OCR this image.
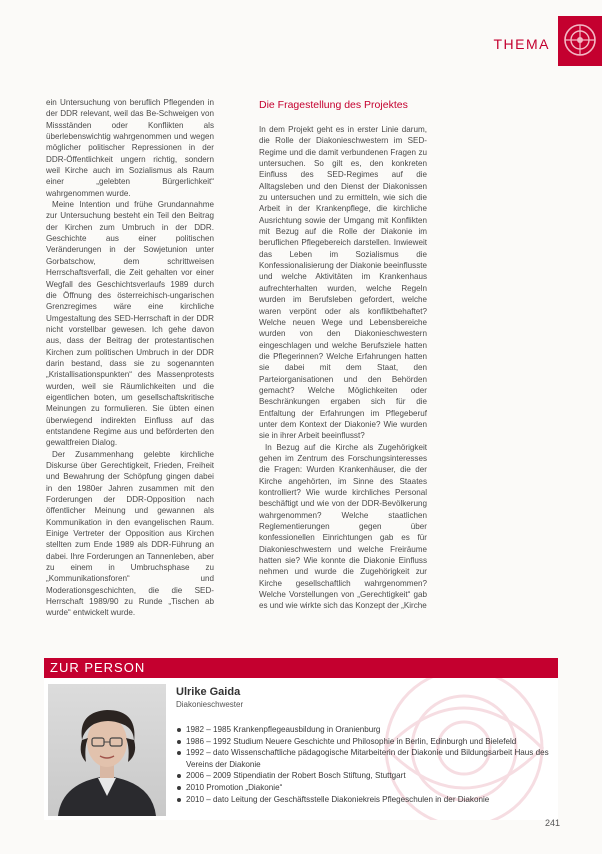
THEMA

ein Untersuchung von beruflich Pflegenden in der DDR relevant, weil das Be-Schweigen von Missständen oder Konflikten als überlebenswichtig wahrgenommen und wegen möglicher politischer Repressionen in der DDR-Öffentlichkeit ungern richtig, sondern weil Kirche auch im Sozialismus als Raum einer „gelebten Bürgerlichkeit“ wahrgenommen wurde.

Meine Intention und frühe Grundannahme zur Untersuchung besteht ein Teil den Beitrag der Kirchen zum Umbruch in der DDR. Geschichte aus einer politischen Veränderungen in der Sowjetunion unter Gorbatschow, dem schrittweisen Herrschaftsverfall, die Zeit gehalten vor einer Wegfall des Geschichtsverlaufs 1989 durch die Öffnung des österreichisch-ungarischen Grenzregimes wäre eine kirchliche Umgestaltung des SED-Herrschaft in der DDR nicht vorstellbar gewesen. Ich gehe davon aus, dass der Beitrag der protestantischen Kirchen zum politischen Umbruch in der DDR darin bestand, dass sie zu sogenannten „Kristallisationspunkten“ des Massenprotests wurden, weil sie Räumlichkeiten und die eigentlichen boten, um gesellschaftskritische Meinungen zu formulieren. Sie übten einen überwiegend indirekten Einfluss auf das entstandene Regime aus und beförderten den gewaltfreien Dialog.

Der Zusammenhang gelebte kirchliche Diskurse über Gerechtigkeit, Frieden, Freiheit und Bewahrung der Schöpfung gingen dabei in den 1980er Jahren zusammen mit den Forderungen der DDR-Opposition nach öffentlicher Meinung und gewannen als Kommunikation in den evangelischen Raum. Einige Vertreter der Opposition aus Kirchen stellten zum Ende 1989 als DDR-Führung an dabei. Ihre Forderungen an Tannenleben, aber zu einem in Umbruchsphase zu „Kommunikationsforen“ und Moderationsgeschichten, die die SED-Herrschaft 1989/90 zu Runde „Tischen ab wurde“ entwickelt wurde.

Die Fragestellung des Projektes

In dem Projekt geht es in erster Linie darum, die Rolle der Diakonieschwestern im SED-Regime und die damit verbundenen Fragen zu untersuchen. So gilt es, den konkreten Einfluss des SED-Regimes auf die Alltagsleben und den Dienst der Diakonissen zu untersuchen und zu ermitteln, wie sich die Arbeit in der Krankenpflege, die kirchliche Ausrichtung sowie der Umgang mit Konflikten mit Bezug auf die Rolle der Diakonie im beruflichen Pflegebereich darstellen. Inwieweit das Leben im Sozialismus die Konfessionalisierung der Diakonie beeinflusste und welche Aktivitäten im Krankenhaus aufrechterhalten wurden, welche Regeln wurden im Berufsleben gefordert, welche waren verpönt oder als konfliktbehaftet? Welche neuen Wege und Lebensbereiche wurden von den Diakonieschwestern eingeschlagen und welche Berufsziele hatten die Pflegerinnen? Welche Erfahrungen hatten sie dabei mit dem Staat, den Parteiorganisationen und den Behörden gemacht? Welche Möglichkeiten oder Beschränkungen ergaben sich für die Entfaltung der Erfahrungen im Pflegeberuf unter dem Kontext der Diakonie? Wie wurden sie in ihrer Arbeit beeinflusst?

In Bezug auf die Kirche als Zugehörigkeit gehen im Zentrum des Forschungsinteresses die Fragen: Wurden Krankenhäuser, die der Kirche angehörten, im Sinne des Staates kontrolliert? Wie wurde kirchliches Personal beschäftigt und wie von der DDR-Bevölkerung wahrgenommen? Welche staatlichen Reglementierungen gegen über konfessionellen Einrichtungen gab es für Diakonieschwestern und welche Freiräume hatten sie? Wie konnte die Diakonie Einfluss nehmen und wurde die Zugehörigkeit zur Kirche gesellschaftlich wahrgenommen? Welche Vorstellungen von „Gerechtigkeit“ gab es und wie wirkte sich das Konzept der „Kirche

ZUR PERSON
Ulrike Gaida
Diakonieschwester
1982 – 1985 Krankenpflegeausbildung in Oranienburg
1986 – 1992 Studium Neuere Geschichte und Philosophie in Berlin, Edinburgh und Bielefeld
1992 – dato Wissenschaftliche pädagogische Mitarbeiterin der Diakonie und Bildungsarbeit Haus des Vereins der Diakonie
2006 – 2009 Stipendiatin der Robert Bosch Stiftung, Stuttgart
2010 Promotion „Diakonie“
2010 – dato Leitung der Geschäftsstelle Diakoniekreis Pflegeschulen in der Diakonie
241
